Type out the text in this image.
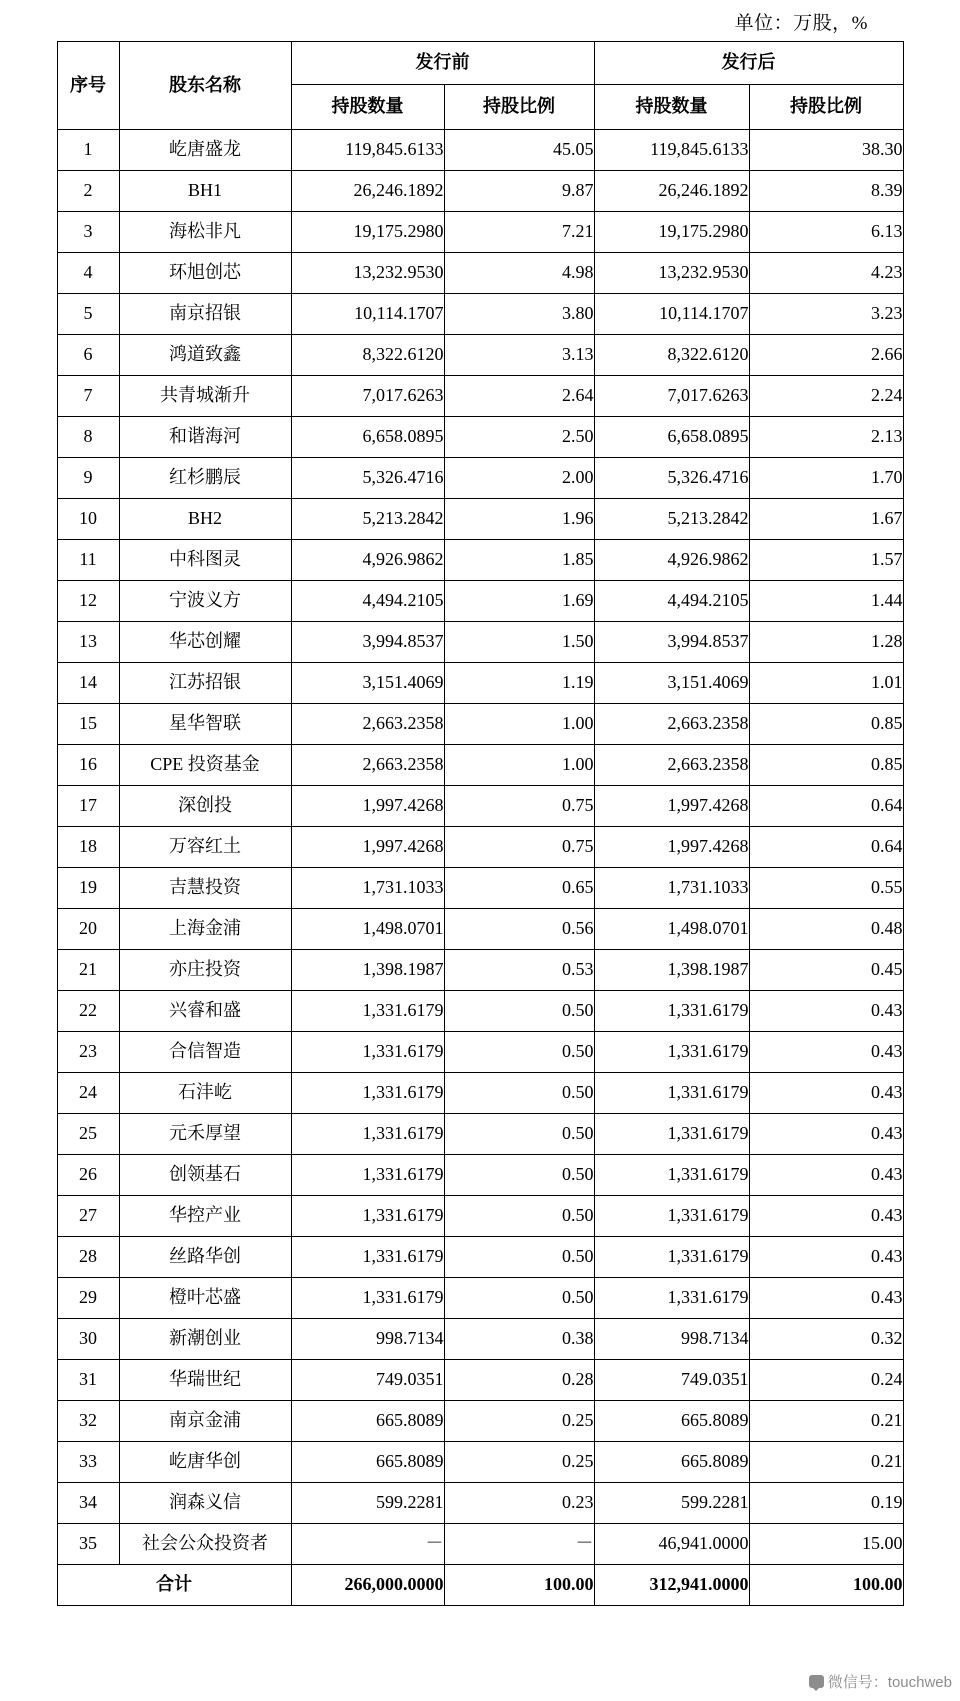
单位：万股，%
序号	股东名称	发行前		发行后	
		持股数量	持股比例	持股数量	持股比例
1	屹唐盛龙	119,845.6133	45.05	119,845.6133	38.30
2	BH1	26,246.1892	9.87	26,246.1892	8.39
3	海松非凡	19,175.2980	7.21	19,175.2980	6.13
4	环旭创芯	13,232.9530	4.98	13,232.9530	4.23
5	南京招银	10,114.1707	3.80	10,114.1707	3.23
6	鸿道致鑫	8,322.6120	3.13	8,322.6120	2.66
7	共青城渐升	7,017.6263	2.64	7,017.6263	2.24
8	和谐海河	6,658.0895	2.50	6,658.0895	2.13
9	红杉鹏辰	5,326.4716	2.00	5,326.4716	1.70
10	BH2	5,213.2842	1.96	5,213.2842	1.67
11	中科图灵	4,926.9862	1.85	4,926.9862	1.57
12	宁波义方	4,494.2105	1.69	4,494.2105	1.44
13	华芯创耀	3,994.8537	1.50	3,994.8537	1.28
14	江苏招银	3,151.4069	1.19	3,151.4069	1.01
15	星华智联	2,663.2358	1.00	2,663.2358	0.85
16	CPE 投资基金	2,663.2358	1.00	2,663.2358	0.85
17	深创投	1,997.4268	0.75	1,997.4268	0.64
18	万容红土	1,997.4268	0.75	1,997.4268	0.64
19	吉慧投资	1,731.1033	0.65	1,731.1033	0.55
20	上海金浦	1,498.0701	0.56	1,498.0701	0.48
21	亦庄投资	1,398.1987	0.53	1,398.1987	0.45
22	兴睿和盛	1,331.6179	0.50	1,331.6179	0.43
23	合信智造	1,331.6179	0.50	1,331.6179	0.43
24	石沣屹	1,331.6179	0.50	1,331.6179	0.43
25	元禾厚望	1,331.6179	0.50	1,331.6179	0.43
26	创领基石	1,331.6179	0.50	1,331.6179	0.43
27	华控产业	1,331.6179	0.50	1,331.6179	0.43
28	丝路华创	1,331.6179	0.50	1,331.6179	0.43
29	橙叶芯盛	1,331.6179	0.50	1,331.6179	0.43
30	新潮创业	998.7134	0.38	998.7134	0.32
31	华瑞世纪	749.0351	0.28	749.0351	0.24
32	南京金浦	665.8089	0.25	665.8089	0.21
33	屹唐华创	665.8089	0.25	665.8089	0.21
34	润森义信	599.2281	0.23	599.2281	0.19
35	社会公众投资者	－	－	46,941.0000	15.00
合计		266,000.0000	100.00	312,941.0000	100.00
微信号：touchweb
